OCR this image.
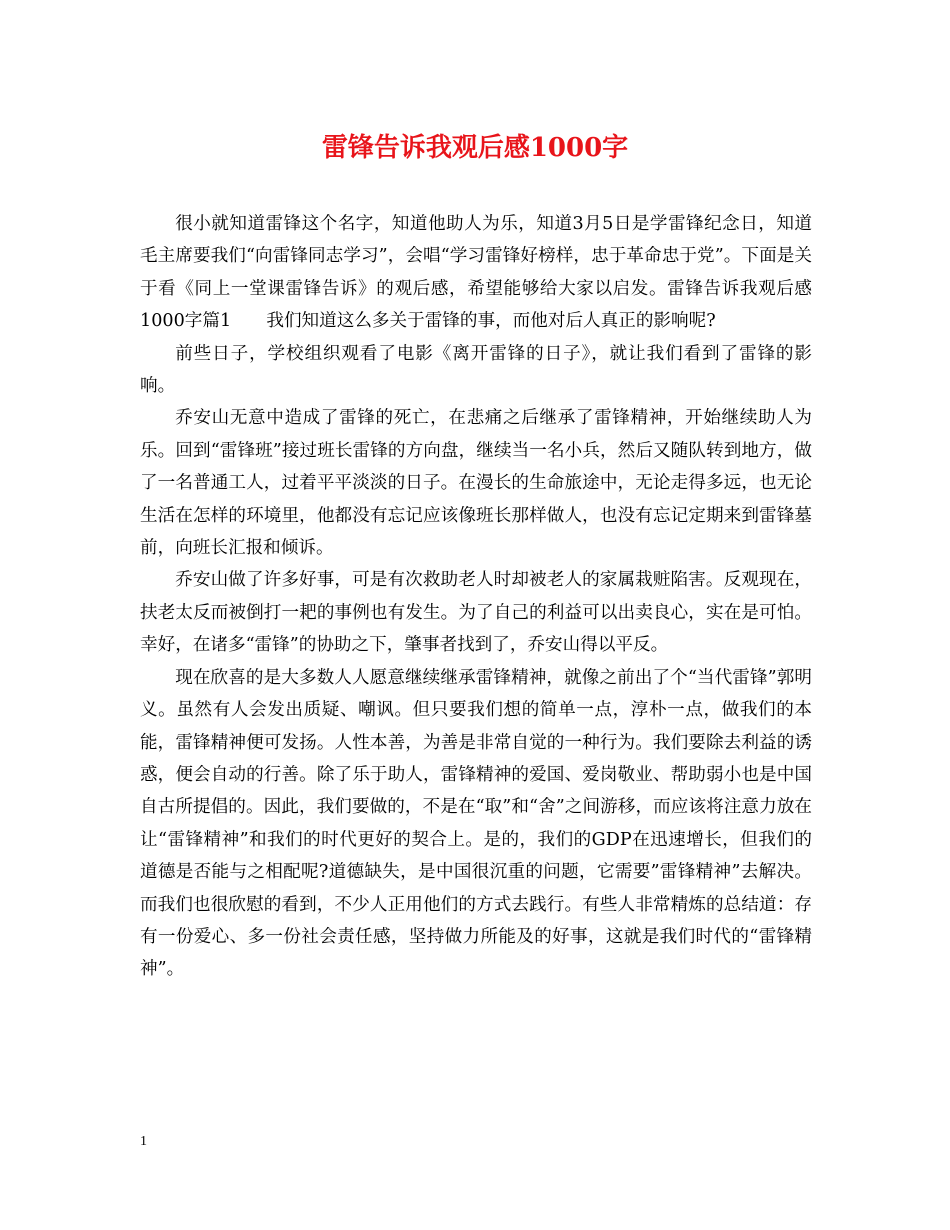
雷锋告诉我观后感1000字

很小就知道雷锋这个名字，知道他助人为乐，知道3月5日是学雷锋纪念日，知道毛主席要我们“向雷锋同志学习”，会唱“学习雷锋好榜样，忠于革命忠于党”。下面是关于看《同上一堂课雷锋告诉》的观后感，希望能够给大家以启发。雷锋告诉我观后感1000字篇1　　我们知道这么多关于雷锋的事，而他对后人真正的影响呢?

前些日子，学校组织观看了电影《离开雷锋的日子》，就让我们看到了雷锋的影响。

乔安山无意中造成了雷锋的死亡，在悲痛之后继承了雷锋精神，开始继续助人为乐。回到“雷锋班”接过班长雷锋的方向盘，继续当一名小兵，然后又随队转到地方，做了一名普通工人，过着平平淡淡的日子。在漫长的生命旅途中，无论走得多远，也无论生活在怎样的环境里，他都没有忘记应该像班长那样做人，也没有忘记定期来到雷锋墓前，向班长汇报和倾诉。

乔安山做了许多好事，可是有次救助老人时却被老人的家属栽赃陷害。反观现在，扶老太反而被倒打一耙的事例也有发生。为了自己的利益可以出卖良心，实在是可怕。幸好，在诸多“雷锋”的协助之下，肇事者找到了，乔安山得以平反。

现在欣喜的是大多数人人愿意继续继承雷锋精神，就像之前出了个“当代雷锋”郭明义。虽然有人会发出质疑、嘲讽。但只要我们想的简单一点，淳朴一点，做我们的本能，雷锋精神便可发扬。人性本善，为善是非常自觉的一种行为。我们要除去利益的诱惑，便会自动的行善。除了乐于助人，雷锋精神的爱国、爱岗敬业、帮助弱小也是中国自古所提倡的。因此，我们要做的，不是在“取”和“舍”之间游移，而应该将注意力放在让“雷锋精神”和我们的时代更好的契合上。是的，我们的GDP在迅速增长，但我们的道德是否能与之相配呢?道德缺失，是中国很沉重的问题，它需要”雷锋精神”去解决。而我们也很欣慰的看到，不少人正用他们的方式去践行。有些人非常精炼的总结道：存有一份爱心、多一份社会责任感，坚持做力所能及的好事，这就是我们时代的“雷锋精神”。

1
